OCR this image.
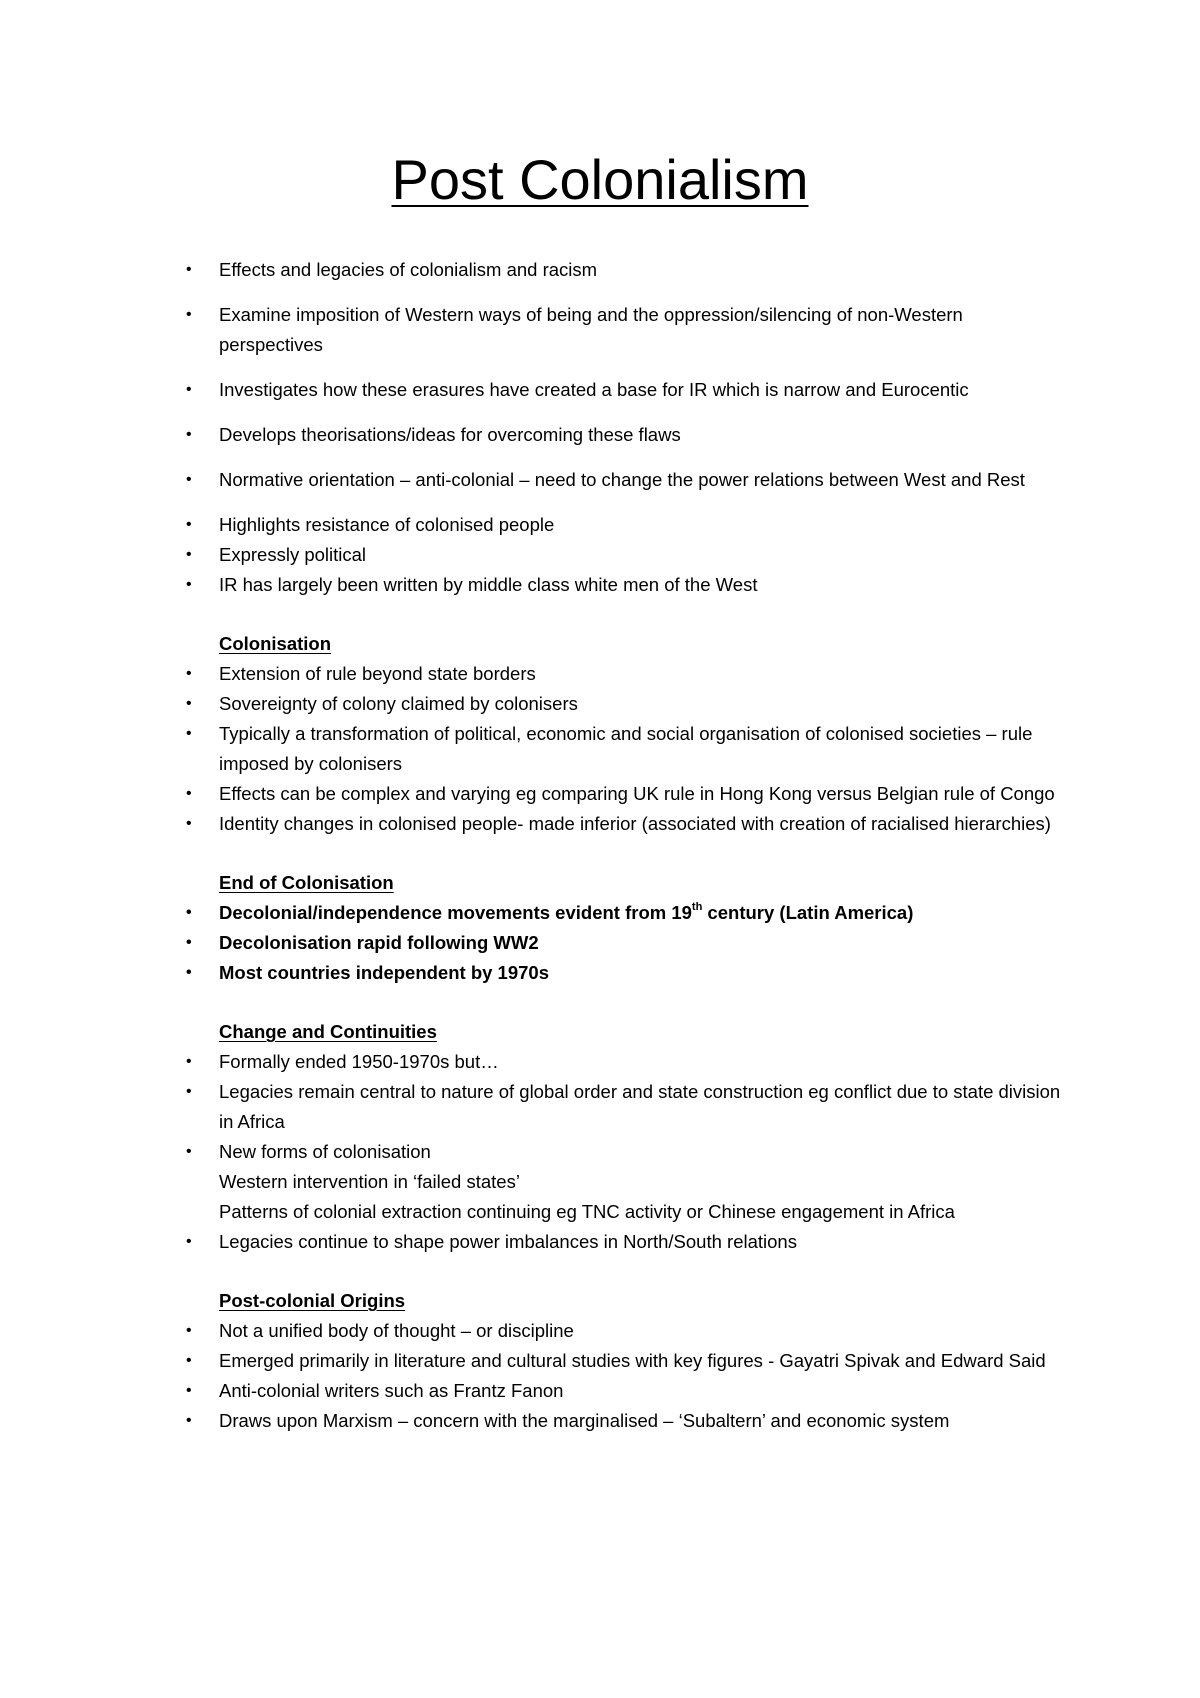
Post Colonialism
• Effects and legacies of colonialism and racism
• Examine imposition of Western ways of being and the oppression/silencing of non-Western perspectives
• Investigates how these erasures have created a base for IR which is narrow and Eurocentic
• Develops theorisations/ideas for overcoming these flaws
• Normative orientation – anti-colonial – need to change the power relations between West and Rest
• Highlights resistance of colonised people
• Expressly political
• IR has largely been written by middle class white men of the West
Colonisation
• Extension of rule beyond state borders
• Sovereignty of colony claimed by colonisers
• Typically a transformation of political, economic and social organisation of colonised societies – rule imposed by colonisers
• Effects can be complex and varying eg comparing UK rule in Hong Kong versus Belgian rule of Congo
• Identity changes in colonised people- made inferior (associated with creation of racialised hierarchies)
End of Colonisation
• Decolonial/independence movements evident from 19th century (Latin America)
• Decolonisation rapid following WW2
• Most countries independent by 1970s
Change and Continuities
• Formally ended 1950-1970s but…
• Legacies remain central to nature of global order and state construction eg conflict due to state division in Africa
• New forms of colonisation
Western intervention in ‘failed states’
Patterns of colonial extraction continuing eg TNC activity or Chinese engagement in Africa
• Legacies continue to shape power imbalances in North/South relations
Post-colonial Origins
• Not a unified body of thought – or discipline
• Emerged primarily in literature and cultural studies with key figures - Gayatri Spivak and Edward Said
• Anti-colonial writers such as Frantz Fanon
• Draws upon Marxism – concern with the marginalised – ‘Subaltern’ and economic system
